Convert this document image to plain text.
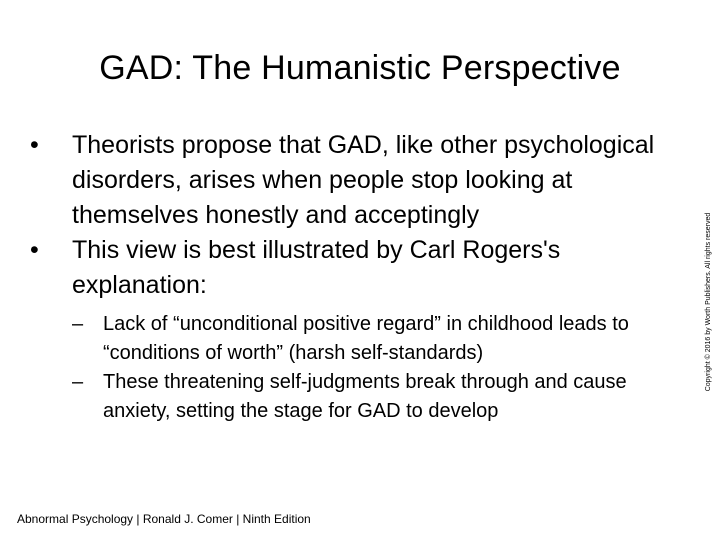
GAD: The Humanistic Perspective
•	Theorists propose that GAD, like other psychological disorders, arises when people stop looking at themselves honestly and acceptingly
•	This view is best illustrated by Carl Rogers's explanation:
– Lack of “unconditional positive regard” in childhood leads to “conditions of worth” (harsh self-standards)
– These threatening self-judgments break through and cause anxiety, setting the stage for GAD to develop
Abnormal Psychology | Ronald J. Comer | Ninth Edition
Copyright © 2016 by Worth Publishers. All rights reserved
